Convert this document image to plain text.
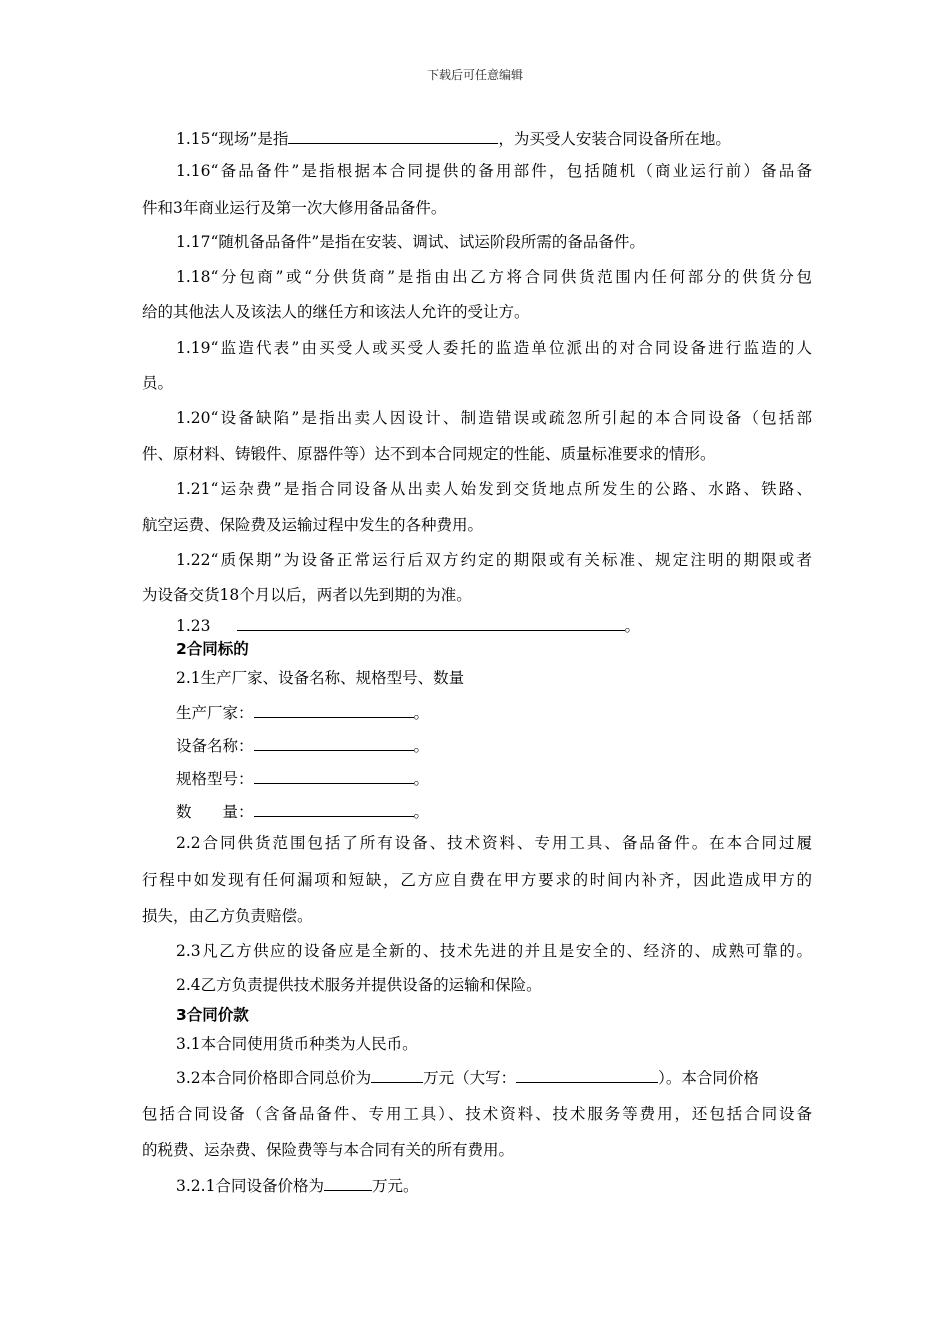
下载后可任意编辑
1.15“现场”是指	，为买受人安装合同设备所在地。
1.16“备品备件”是指根据本合同提供的备用部件，包括随机（商业运行前）备品备
件和3年商业运行及第一次大修用备品备件。
1.17“随机备品备件”是指在安装、调试、试运阶段所需的备品备件。
1.18“分包商”或“分供货商”是指由出乙方将合同供货范围内任何部分的供货分包
给的其他法人及该法人的继任方和该法人允许的受让方。
1.19“监造代表”由买受人或买受人委托的监造单位派出的对合同设备进行监造的人
员。
1.20“设备缺陷”是指出卖人因设计、制造错误或疏忽所引起的本合同设备（包括部
件、原材料、铸锻件、原器件等）达不到本合同规定的性能、质量标准要求的情形。
1.21“运杂费”是指合同设备从出卖人始发到交货地点所发生的公路、水路、铁路、
航空运费、保险费及运输过程中发生的各种费用。
1.22“质保期”为设备正常运行后双方约定的期限或有关标准、规定注明的期限或者
为设备交货18个月以后，两者以先到期的为准。
1.23	。
2合同标的
2.1生产厂家、设备名称、规格型号、数量
生产厂家：	。
设备名称：	。
规格型号：	。
数　　量：	。
2.2合同供货范围包括了所有设备、技术资料、专用工具、备品备件。在本合同过履
行程中如发现有任何漏项和短缺，乙方应自费在甲方要求的时间内补齐，因此造成甲方的
损失，由乙方负责赔偿。
2.3凡乙方供应的设备应是全新的、技术先进的并且是安全的、经济的、成熟可靠的。
2.4乙方负责提供技术服务并提供设备的运输和保险。
3合同价款
3.1本合同使用货币种类为人民币。
3.2本合同价格即合同总价为	万元（大写：	）。本合同价格
包括合同设备（含备品备件、专用工具）、技术资料、技术服务等费用，还包括合同设备
的税费、运杂费、保险费等与本合同有关的所有费用。
3.2.1合同设备价格为	万元。
